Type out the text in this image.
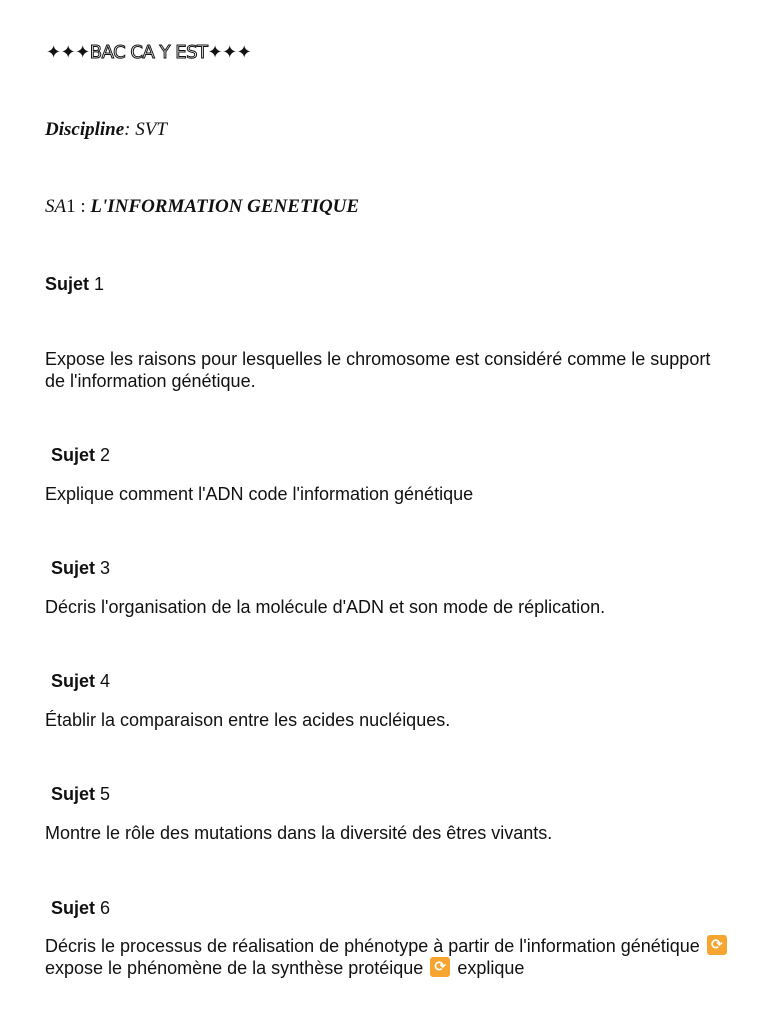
✦✦✦BAC CA Y EST✦✦✦
Discipline: SVT
SA1 : L'INFORMATION GENETIQUE
Sujet 1
Expose les raisons pour lesquelles le chromosome est considéré comme le support de l'information génétique.
Sujet 2
Explique comment l'ADN code l'information génétique
Sujet 3
Décris l'organisation de la molécule d'ADN et son mode de réplication.
Sujet 4
Établir la comparaison entre les acides nucléiques.
Sujet 5
Montre le rôle des mutations dans la diversité des êtres vivants.
Sujet 6
Décris le processus de réalisation de phénotype à partir de l'information génétique ⟳
expose le phénomène de la synthèse protéique ⟳ explique
